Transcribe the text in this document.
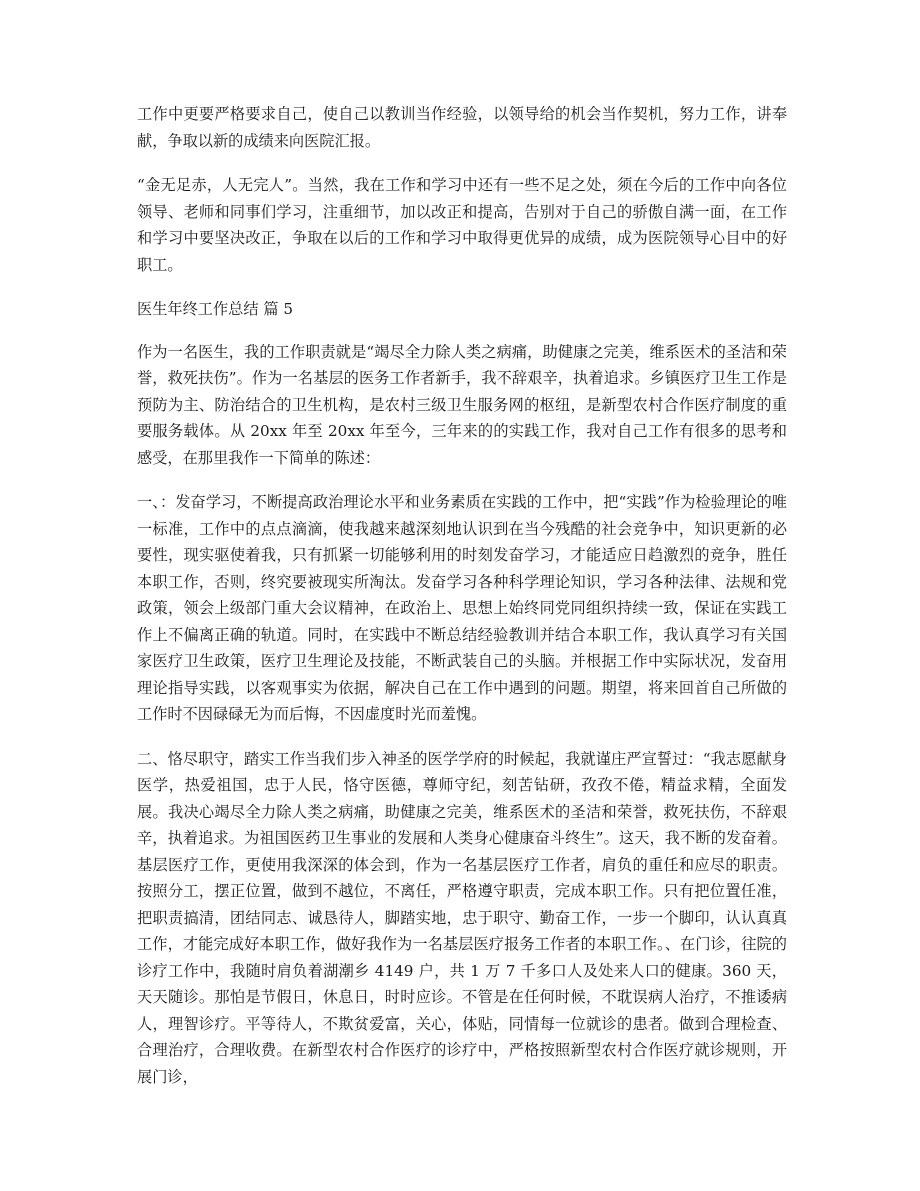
工作中更要严格要求自己，使自己以教训当作经验，以领导给的机会当作契机，努力工作，讲奉献，争取以新的成绩来向医院汇报。

“金无足赤，人无完人”。当然，我在工作和学习中还有一些不足之处，须在今后的工作中向各位领导、老师和同事们学习，注重细节，加以改正和提高，告别对于自己的骄傲自满一面，在工作和学习中要坚决改正，争取在以后的工作和学习中取得更优异的成绩，成为医院领导心目中的好职工。

医生年终工作总结 篇 5

作为一名医生，我的工作职责就是“竭尽全力除人类之病痛，助健康之完美，维系医术的圣洁和荣誉，救死扶伤”。作为一名基层的医务工作者新手，我不辞艰辛，执着追求。乡镇医疗卫生工作是预防为主、防治结合的卫生机构，是农村三级卫生服务网的枢纽，是新型农村合作医疗制度的重要服务载体。从 20xx 年至 20xx 年至今，三年来的的实践工作，我对自己工作有很多的思考和感受，在那里我作一下简单的陈述：

一、：发奋学习，不断提高政治理论水平和业务素质在实践的工作中，把“实践”作为检验理论的唯一标准，工作中的点点滴滴，使我越来越深刻地认识到在当今残酷的社会竞争中，知识更新的必要性，现实驱使着我，只有抓紧一切能够利用的时刻发奋学习，才能适应日趋激烈的竞争，胜任本职工作，否则，终究要被现实所淘汰。发奋学习各种科学理论知识，学习各种法律、法规和党政策，领会上级部门重大会议精神，在政治上、思想上始终同党同组织持续一致，保证在实践工作上不偏离正确的轨道。同时，在实践中不断总结经验教训并结合本职工作，我认真学习有关国家医疗卫生政策，医疗卫生理论及技能，不断武装自己的头脑。并根据工作中实际状况，发奋用理论指导实践，以客观事实为依据，解决自己在工作中遇到的问题。期望，将来回首自己所做的工作时不因碌碌无为而后悔，不因虚度时光而羞愧。

二、恪尽职守，踏实工作当我们步入神圣的医学学府的时候起，我就谨庄严宣誓过：“我志愿献身医学，热爱祖国，忠于人民，恪守医德，尊师守纪，刻苦钻研，孜孜不倦，精益求精，全面发展。我决心竭尽全力除人类之病痛，助健康之完美，维系医术的圣洁和荣誉，救死扶伤，不辞艰辛，执着追求。为祖国医药卫生事业的发展和人类身心健康奋斗终生”。这天，我不断的发奋着。基层医疗工作，更使用我深深的体会到，作为一名基层医疗工作者，肩负的重任和应尽的职责。按照分工，摆正位置，做到不越位，不离任，严格遵守职责，完成本职工作。只有把位置任准，把职责搞清，团结同志、诚恳待人，脚踏实地，忠于职守、勤奋工作，一步一个脚印，认认真真工作，才能完成好本职工作，做好我作为一名基层医疗报务工作者的本职工作。、在门诊，往院的诊疗工作中，我随时肩负着湖潮乡 4149 户，共 1 万 7 千多口人及处来人口的健康。360 天，天天随诊。那怕是节假日，休息日，时时应诊。不管是在任何时候，不耽误病人治疗，不推诿病人，理智诊疗。平等待人，不欺贫爱富，关心，体贴，同情每一位就诊的患者。做到合理检查、合理治疗，合理收费。在新型农村合作医疗的诊疗中，严格按照新型农村合作医疗就诊规则，开展门诊，
